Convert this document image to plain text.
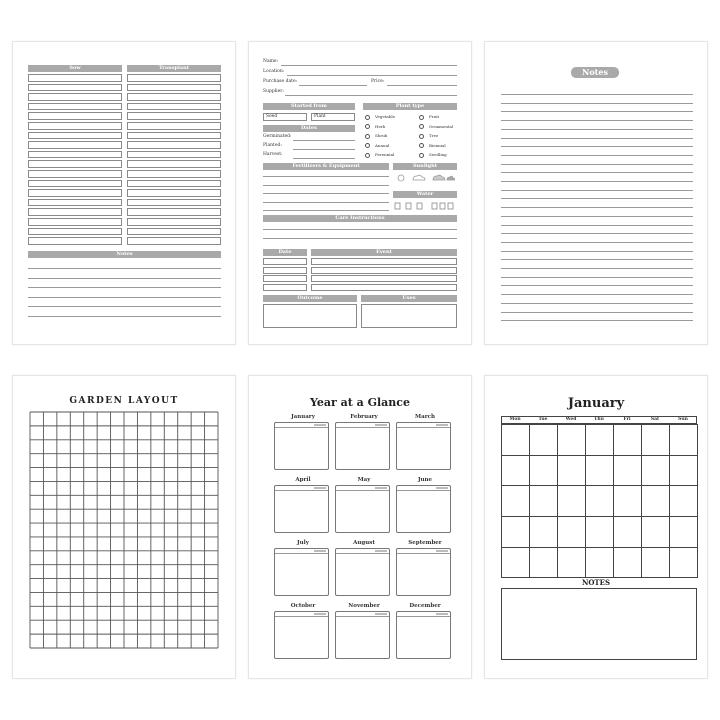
Sow	Transplant
Notes
Name:
Location:
Purchase date:	Price:
Supplier:
Started from
Seed	Plant
Dates
Germinated:
Planted:
Harvest:
Plant type
Vegetable
Herb
Shrub
Annual
Perennial
Fruit
Ornamental
Tree
Biennial
Seedling
Fertilizers & Equipment	Sunlight
Water
Care Instructions
Date	Event
Outcome	Uses
Notes
GARDEN LAYOUT	Year at a Glance
January	February	March
April	May	June
July	August	September
October	November	December
January
Mon	Tue	Wed	Thu	Fri	Sat	Sun
NOTES
